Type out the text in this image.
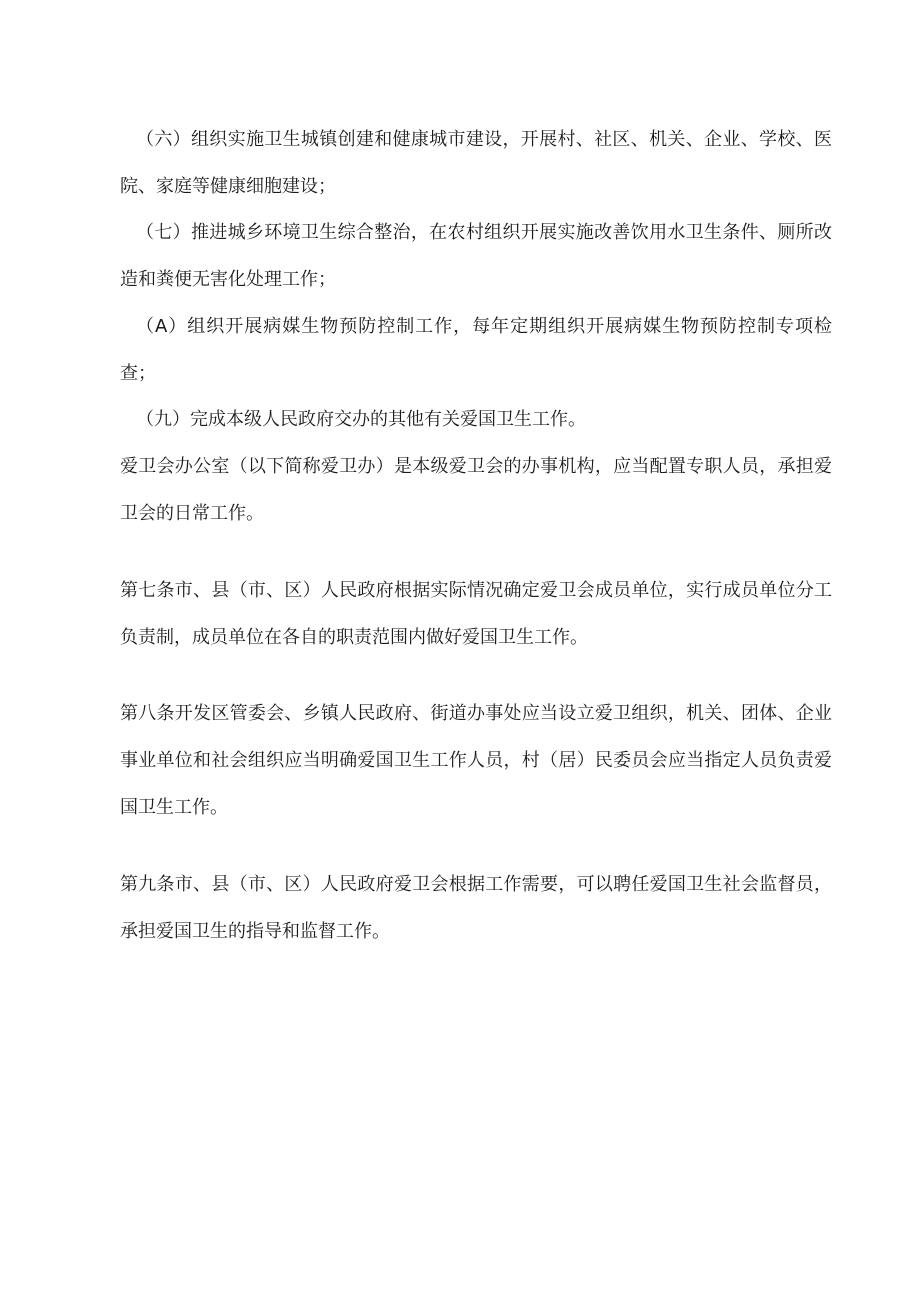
（六）组织实施卫生城镇创建和健康城市建设，开展村、社区、机关、企业、学校、医院、家庭等健康细胞建设；

（七）推进城乡环境卫生综合整治，在农村组织开展实施改善饮用水卫生条件、厕所改造和粪便无害化处理工作；

（A）组织开展病媒生物预防控制工作，每年定期组织开展病媒生物预防控制专项检查；

（九）完成本级人民政府交办的其他有关爱国卫生工作。

爱卫会办公室（以下简称爱卫办）是本级爱卫会的办事机构，应当配置专职人员，承担爱卫会的日常工作。

第七条市、县（市、区）人民政府根据实际情况确定爱卫会成员单位，实行成员单位分工负责制，成员单位在各自的职责范围内做好爱国卫生工作。

第八条开发区管委会、乡镇人民政府、街道办事处应当设立爱卫组织，机关、团体、企业事业单位和社会组织应当明确爱国卫生工作人员，村（居）民委员会应当指定人员负责爱国卫生工作。

第九条市、县（市、区）人民政府爱卫会根据工作需要，可以聘任爱国卫生社会监督员，承担爱国卫生的指导和监督工作。
